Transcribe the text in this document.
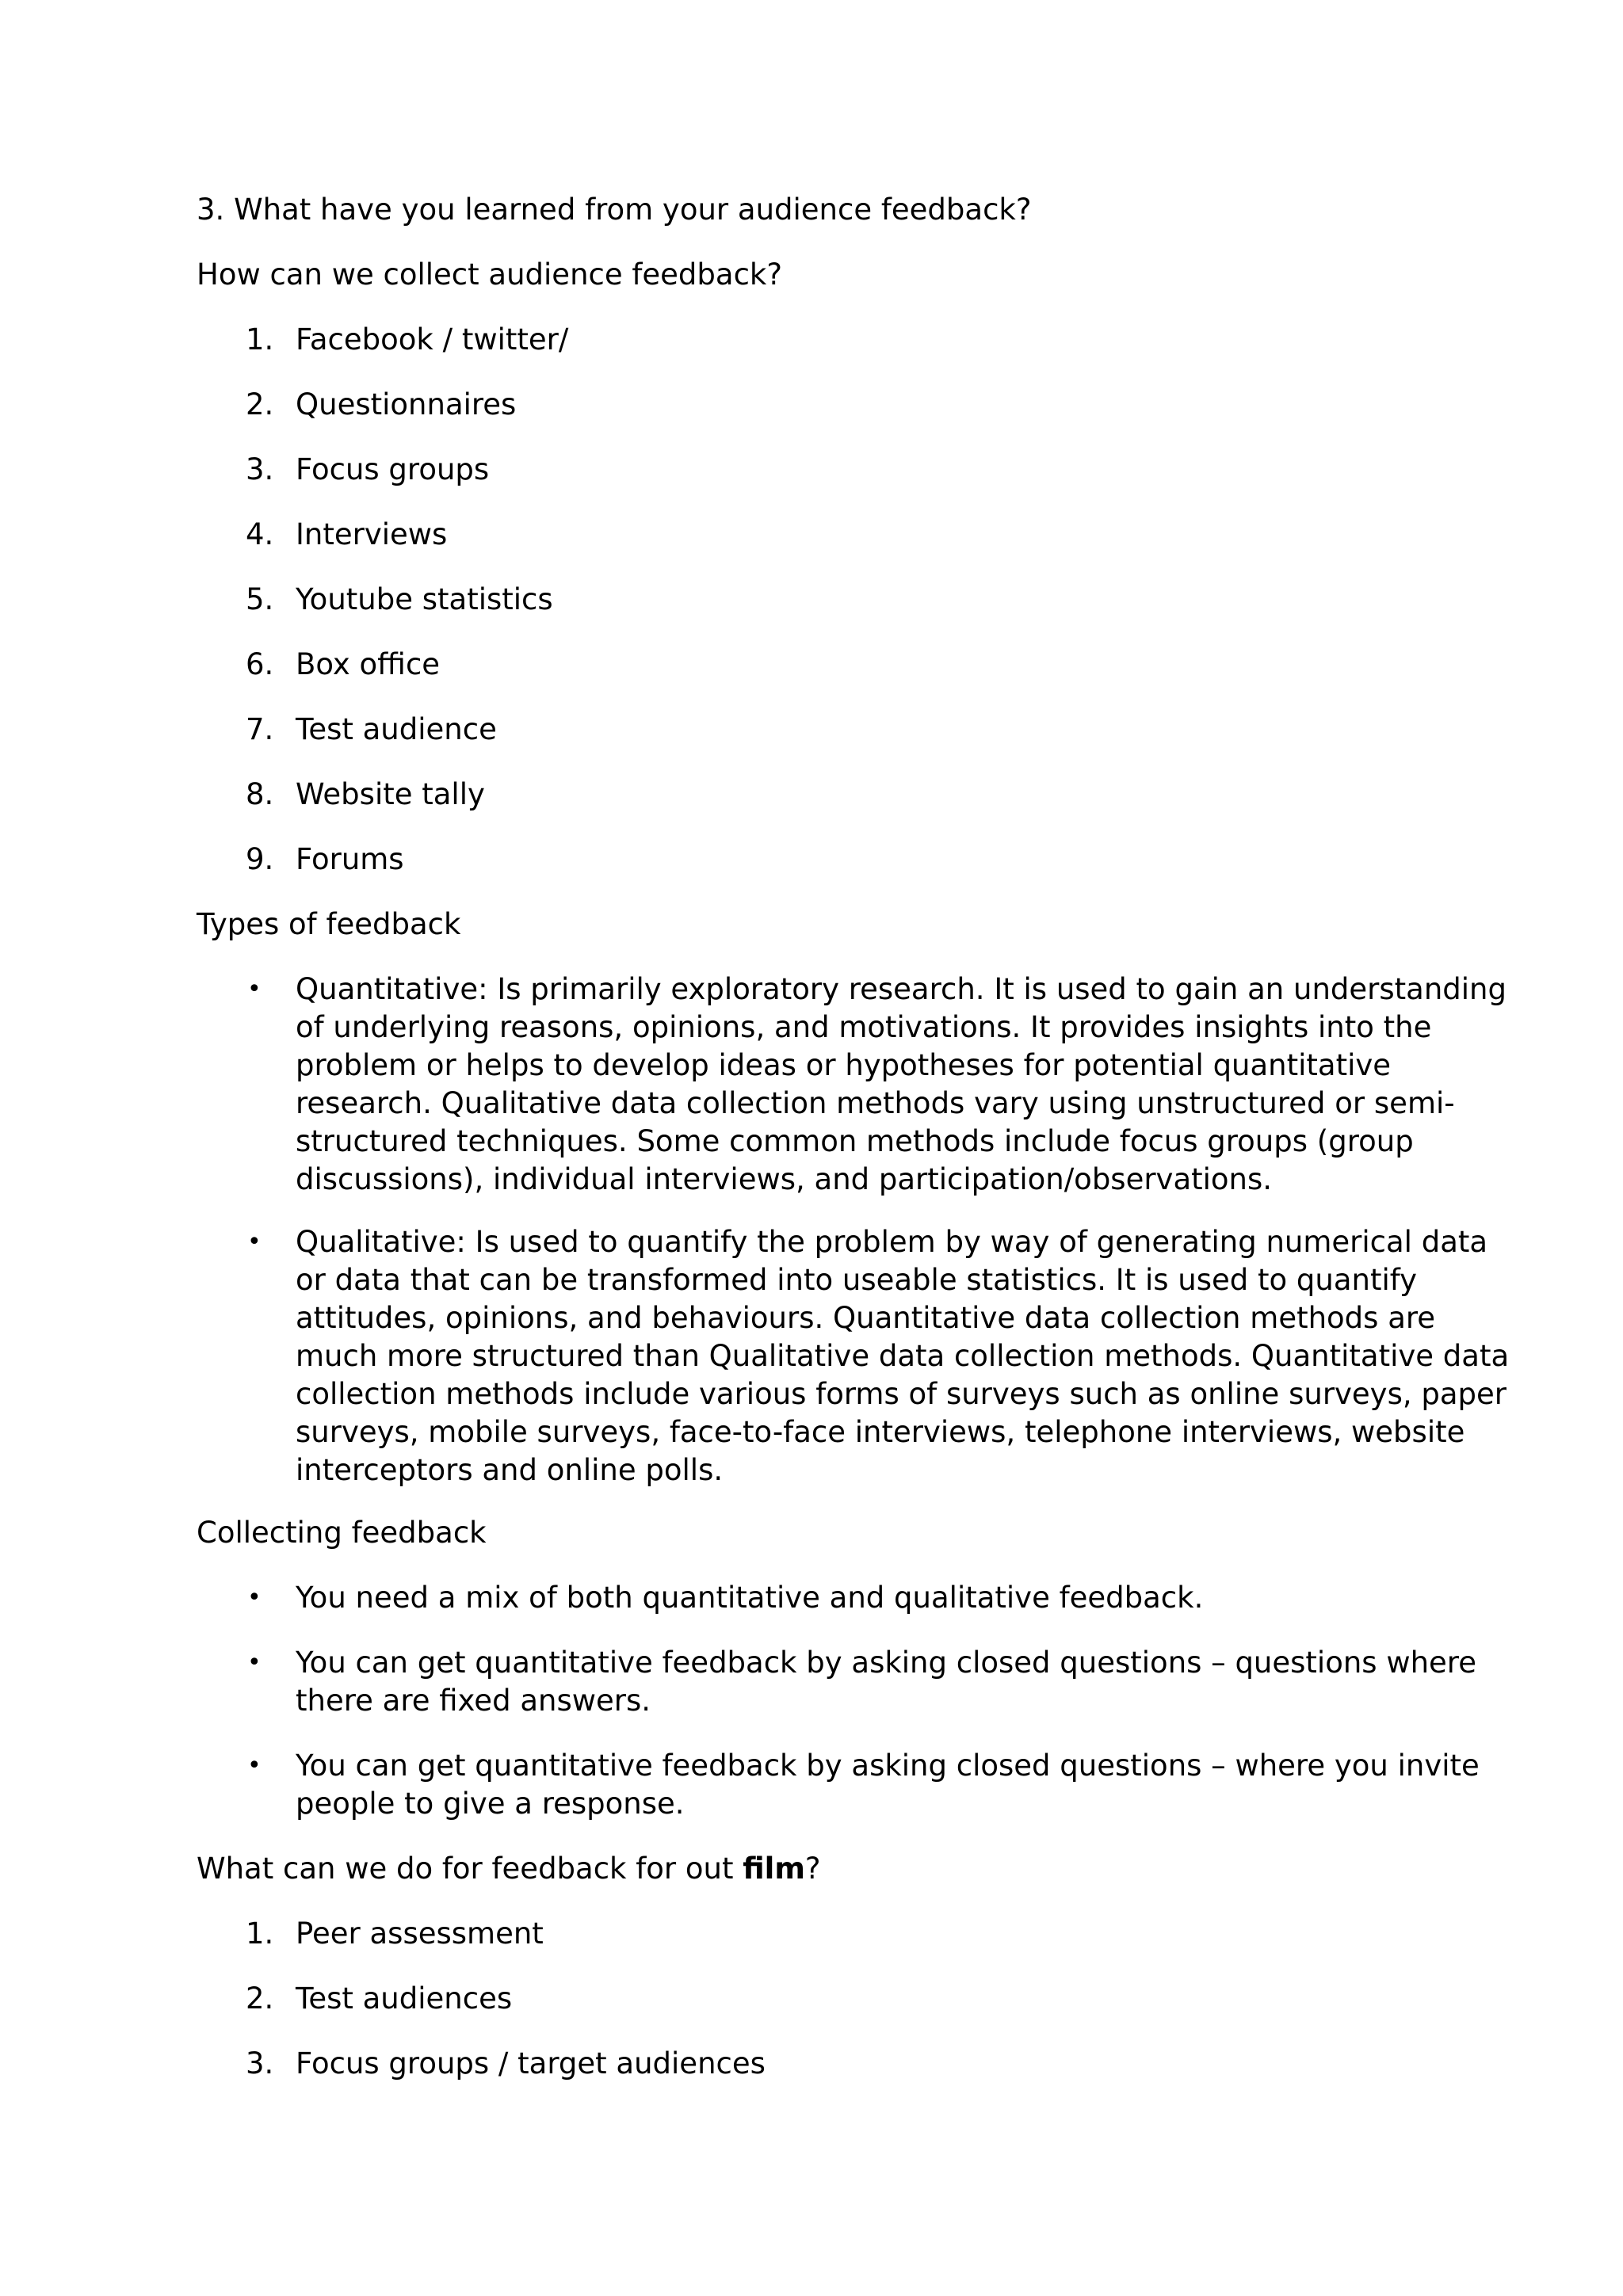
3. What have you learned from your audience feedback?
How can we collect audience feedback?
1. Facebook / twitter/
2. Questionnaires
3. Focus groups
4. Interviews
5. Youtube statistics
6. Box office
7. Test audience
8. Website tally
9. Forums
Types of feedback
• Quantitative: Is primarily exploratory research. It is used to gain an understanding
of underlying reasons, opinions, and motivations. It provides insights into the
problem or helps to develop ideas or hypotheses for potential quantitative
research. Qualitative data collection methods vary using unstructured or semi-
structured techniques. Some common methods include focus groups (group
discussions), individual interviews, and participation/observations.
• Qualitative: Is used to quantify the problem by way of generating numerical data
or data that can be transformed into useable statistics. It is used to quantify
attitudes, opinions, and behaviours. Quantitative data collection methods are
much more structured than Qualitative data collection methods. Quantitative data
collection methods include various forms of surveys such as online surveys, paper
surveys, mobile surveys, face-to-face interviews, telephone interviews, website
interceptors and online polls.
Collecting feedback
• You need a mix of both quantitative and qualitative feedback.
• You can get quantitative feedback by asking closed questions – questions where
there are fixed answers.
• You can get quantitative feedback by asking closed questions – where you invite
people to give a response.
What can we do for feedback for out film?
1. Peer assessment
2. Test audiences
3. Focus groups / target audiences
